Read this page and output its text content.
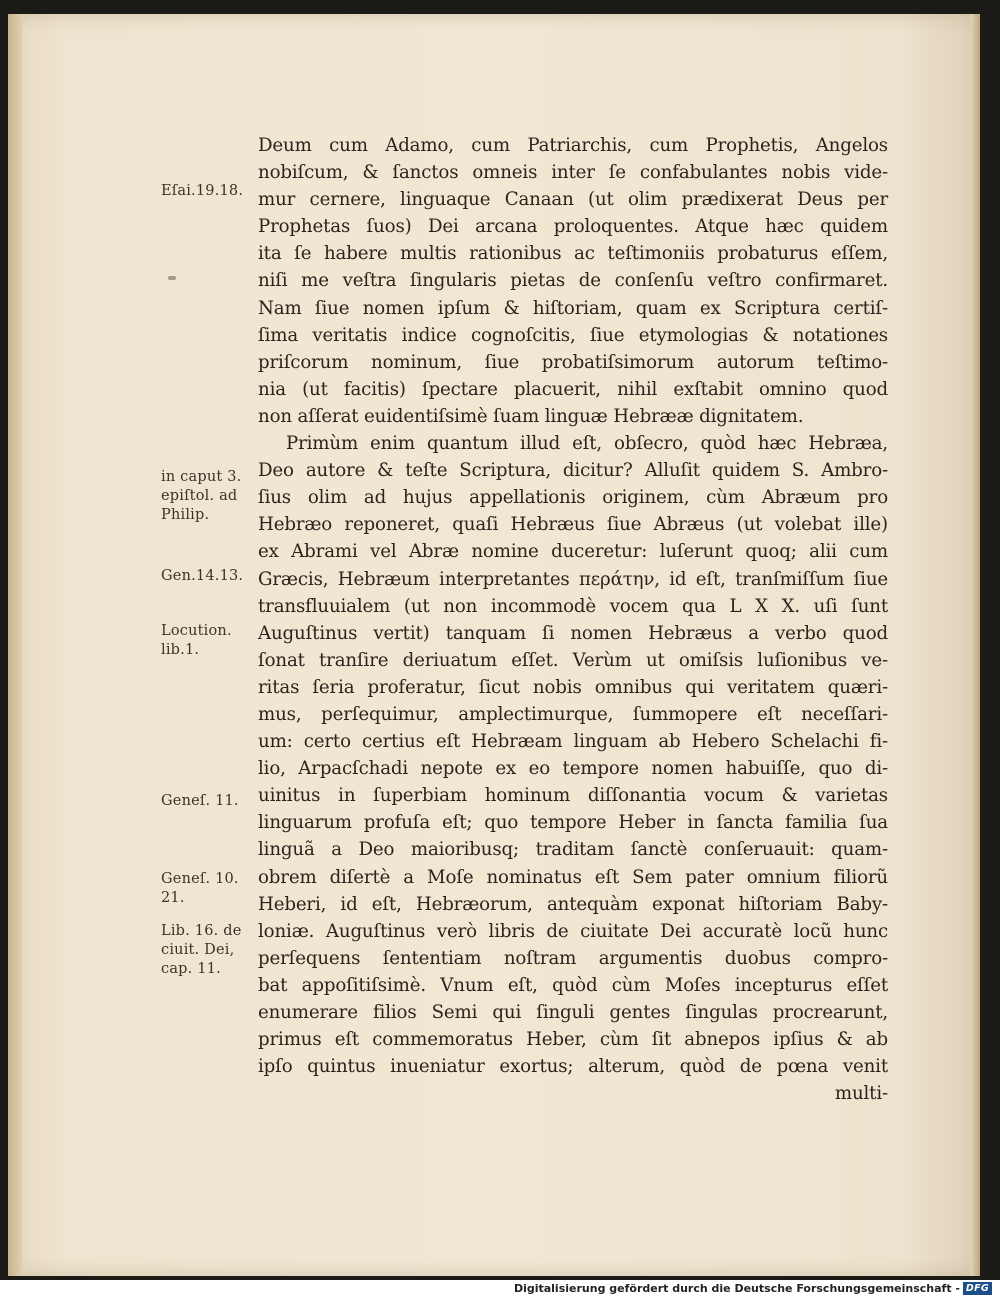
Deum cum Adamo, cum Patriarchis, cum Prophetis, Angelos
nobiſcum, & ſanctos omneis inter ſe confabulantes nobis vide-
mur cernere, linguaque Canaan (ut olim prædixerat Deus per
Prophetas ſuos) Dei arcana proloquentes. Atque hæc quidem
ita ſe habere multis rationibus ac teſtimoniis probaturus eſſem,
niſi me veſtra ſingularis pietas de conſenſu veſtro confirmaret.
Nam ſiue nomen ipſum & hiſtoriam, quam ex Scriptura certiſ-
ſima veritatis indice cognoſcitis, ſiue etymologias & notationes
priſcorum nominum, ſiue probatiſsimorum autorum teſtimo-
nia (ut facitis) ſpectare placuerit, nihil exſtabit omnino quod
non aſſerat euidentiſsimè ſuam linguæ Hebrææ dignitatem.
Primùm enim quantum illud eſt, obſecro, quòd hæc Hebræa,
Deo autore & teſte Scriptura, dicitur? Alluſit quidem S. Ambro-
ſius olim ad hujus appellationis originem, cùm Abræum pro
Hebræo reponeret, quaſi Hebræus ſiue Abræus (ut volebat ille)
ex Abrami vel Abræ nomine duceretur: luſerunt quoq; alii cum
Græcis, Hebræum interpretantes περάτην, id eſt, tranſmiſſum ſiue
transfluuialem (ut non incommodè vocem qua L X X. uſi ſunt
Auguſtinus vertit) tanquam ſi nomen Hebræus a verbo quod
ſonat tranſire deriuatum eſſet. Verùm ut omiſsis luſionibus ve-
ritas ſeria proferatur, ſicut nobis omnibus qui veritatem quæri-
mus, perſequimur, amplectimurque, ſummopere eſt neceſſari-
um: certo certius eſt Hebræam linguam ab Hebero Schelachi fi-
lio, Arpacſchadi nepote ex eo tempore nomen habuiſſe, quo di-
uinitus in ſuperbiam hominum diſſonantia vocum & varietas
linguarum profuſa eſt; quo tempore Heber in ſancta familia ſua
linguã a Deo maioribusq; traditam ſanctè conſeruauit: quam-
obrem diſertè a Moſe nominatus eſt Sem pater omnium filiorũ
Heberi, id eſt, Hebræorum, antequàm exponat hiſtoriam Baby-
loniæ. Auguſtinus verò libris de ciuitate Dei accuratè locũ hunc
perſequens ſententiam noſtram argumentis duobus compro-
bat appoſitiſsimè. Vnum eſt, quòd cùm Moſes incepturus eſſet
enumerare filios Semi qui ſinguli gentes ſingulas procrearunt,
primus eſt commemoratus Heber, cùm ſit abnepos ipſius & ab
ipſo quintus inueniatur exortus; alterum, quòd de pœna venit
multi-
Eſai.19.18.
in caput 3.
epiſtol. ad
Philip.
Gen.14.13.
Locution.
lib.1.
Geneſ. 11.
Geneſ. 10.
21.
Lib. 16. de
ciuit. Dei,
cap. 11.
Digitalisierung gefördert durch die Deutsche Forschungsgemeinschaft - DFG
